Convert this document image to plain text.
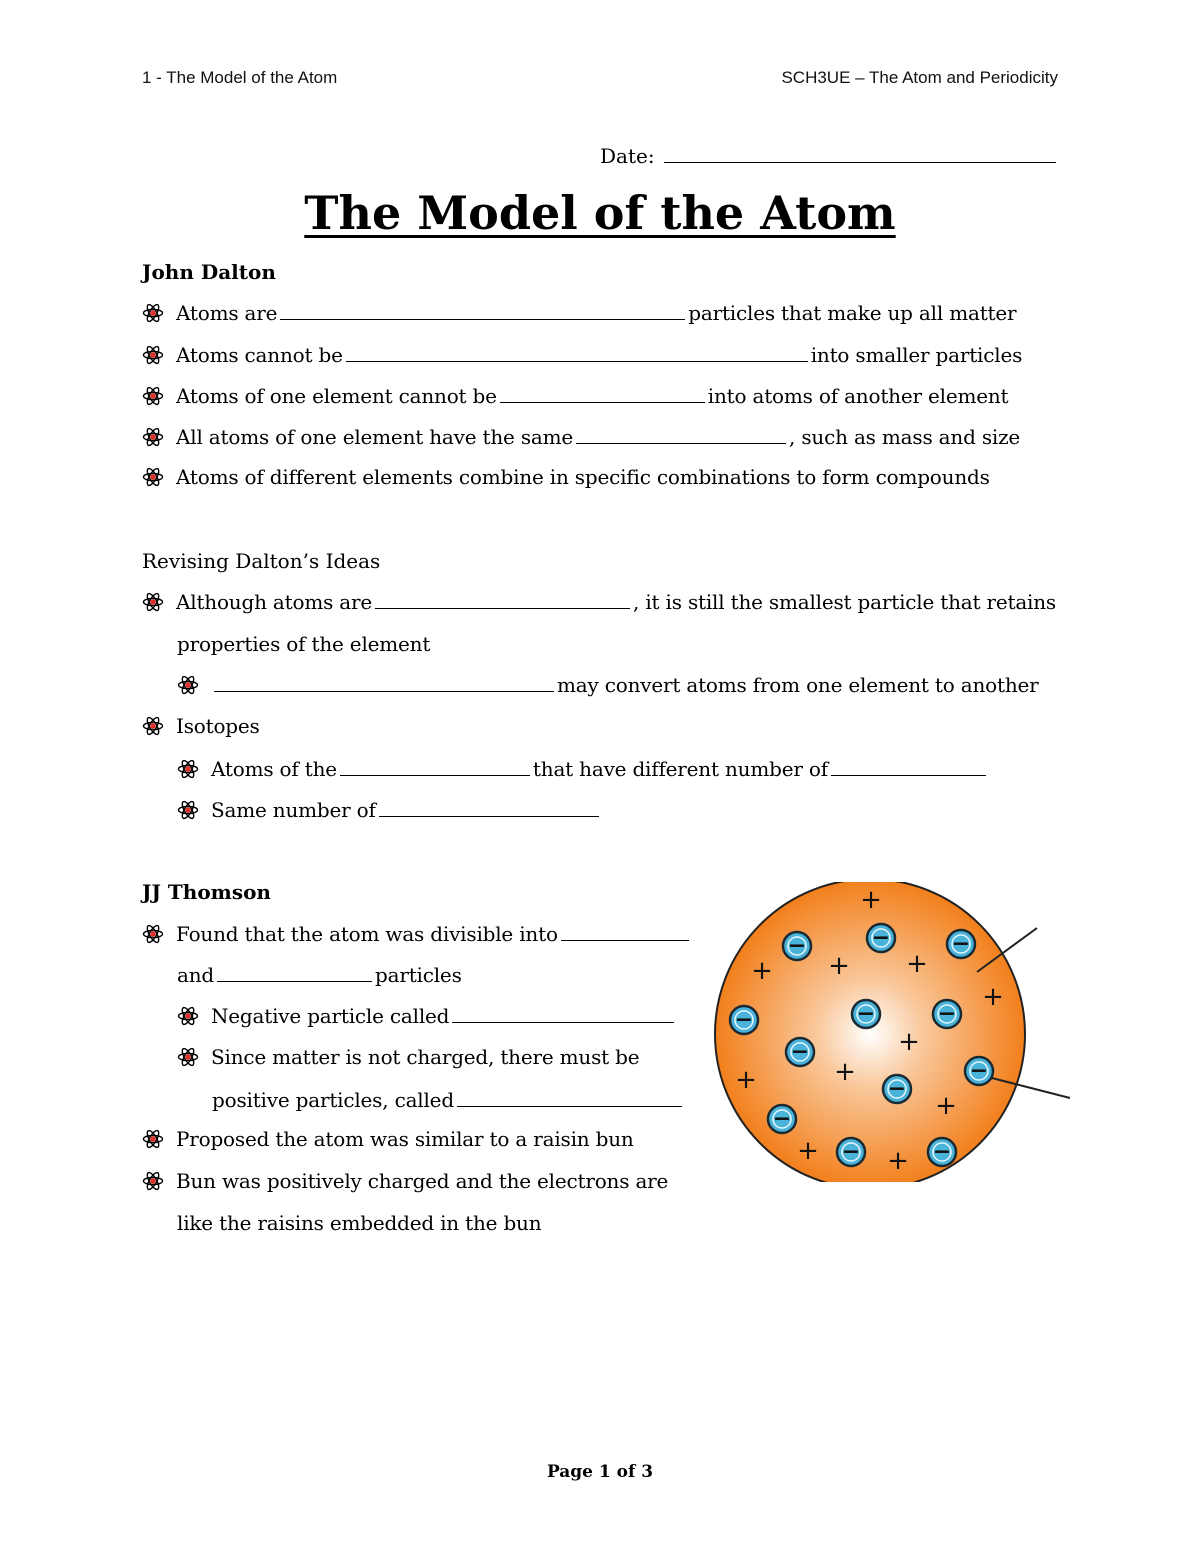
1 - The Model of the Atom	SCH3UE – The Atom and Periodicity
Date:
The Model of the Atom
John Dalton
Atoms are	particles that make up all matter
Atoms cannot be	into smaller particles
Atoms of one element cannot be	into atoms of another element
All atoms of one element have the same	, such as mass and size
Atoms of different elements combine in specific combinations to form compounds
Revising Dalton’s Ideas
Although atoms are	, it is still the smallest particle that retains
properties of the element
may convert atoms from one element to another
Isotopes
Atoms of the	that have different number of
Same number of
JJ Thomson
Found that the atom was divisible into
and	particles
Negative particle called
Since matter is not charged, there must be
positive particles, called
Proposed the atom was similar to a raisin bun
Bun was positively charged and the electrons are
like the raisins embedded in the bun
+
+ + +
+
+
+
+
+
+	+
−	−	−
−	−	−
−
−
−
−
−	−
Page 1 of 3
